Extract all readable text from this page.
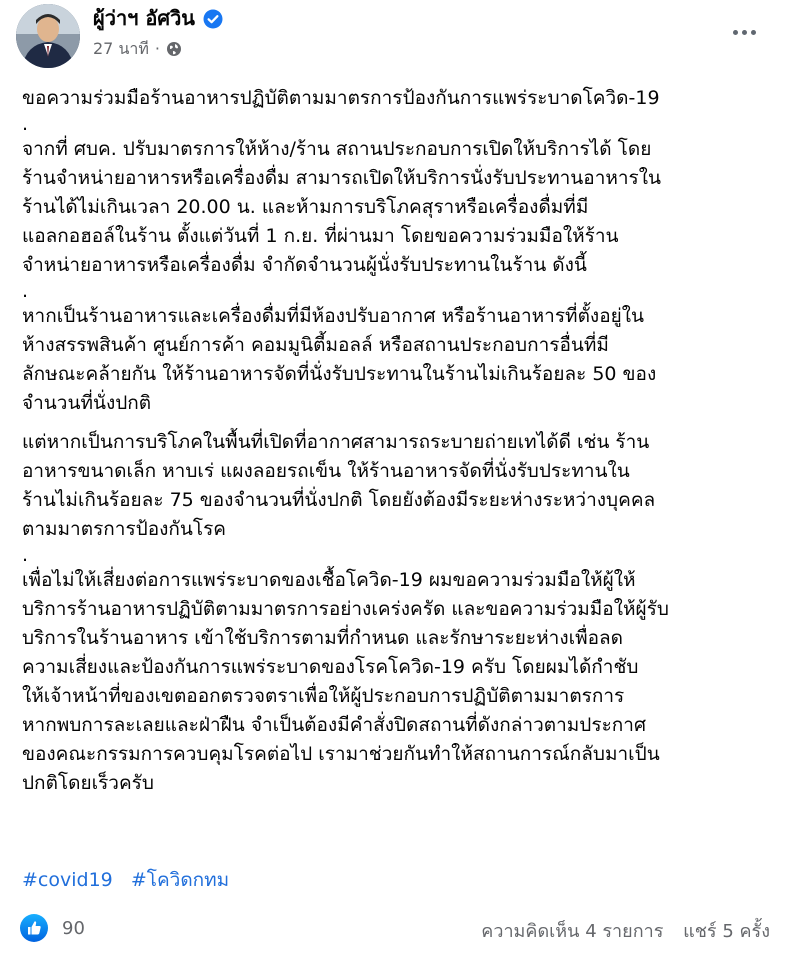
ผู้ว่าฯ อัศวิน
27 นาที ·

ขอความร่วมมือร้านอาหารปฏิบัติตามมาตรการป้องกันการแพร่ระบาดโควิด-19

.

จากที่ ศบค. ปรับมาตรการให้ห้าง/ร้าน สถานประกอบการเปิดให้บริการได้ โดย

ร้านจำหน่ายอาหารหรือเครื่องดื่ม สามารถเปิดให้บริการนั่งรับประทานอาหารใน

ร้านได้ไม่เกินเวลา 20.00 น. และห้ามการบริโภคสุราหรือเครื่องดื่มที่มี

แอลกอฮอล์ในร้าน ตั้งแต่วันที่ 1 ก.ย. ที่ผ่านมา โดยขอความร่วมมือให้ร้าน

จำหน่ายอาหารหรือเครื่องดื่ม จำกัดจำนวนผู้นั่งรับประทานในร้าน ดังนี้

.

หากเป็นร้านอาหารและเครื่องดื่มที่มีห้องปรับอากาศ หรือร้านอาหารที่ตั้งอยู่ใน

ห้างสรรพสินค้า ศูนย์การค้า คอมมูนิตี้มอลล์ หรือสถานประกอบการอื่นที่มี

ลักษณะคล้ายกัน ให้ร้านอาหารจัดที่นั่งรับประทานในร้านไม่เกินร้อยละ 50 ของ

จำนวนที่นั่งปกติ

แต่หากเป็นการบริโภคในพื้นที่เปิดที่อากาศสามารถระบายถ่ายเทได้ดี เช่น ร้าน

อาหารขนาดเล็ก หาบเร่ แผงลอยรถเข็น ให้ร้านอาหารจัดที่นั่งรับประทานใน

ร้านไม่เกินร้อยละ 75 ของจำนวนที่นั่งปกติ โดยยังต้องมีระยะห่างระหว่างบุคคล

ตามมาตรการป้องกันโรค

.

เพื่อไม่ให้เสี่ยงต่อการแพร่ระบาดของเชื้อโควิด-19 ผมขอความร่วมมือให้ผู้ให้

บริการร้านอาหารปฏิบัติตามมาตรการอย่างเคร่งครัด และขอความร่วมมือให้ผู้รับ

บริการในร้านอาหาร เข้าใช้บริการตามที่กำหนด และรักษาระยะห่างเพื่อลด

ความเสี่ยงและป้องกันการแพร่ระบาดของโรคโควิด-19 ครับ โดยผมได้กำชับ

ให้เจ้าหน้าที่ของเขตออกตรวจตราเพื่อให้ผู้ประกอบการปฏิบัติตามมาตรการ

หากพบการละเลยและฝ่าฝืน จำเป็นต้องมีคำสั่งปิดสถานที่ดังกล่าวตามประกาศ

ของคณะกรรมการควบคุมโรคต่อไป เรามาช่วยกันทำให้สถานการณ์กลับมาเป็น

ปกติโดยเร็วครับ

#covid19 #โควิดกทม
90	ความคิดเห็น 4 รายการ แชร์ 5 ครั้ง
